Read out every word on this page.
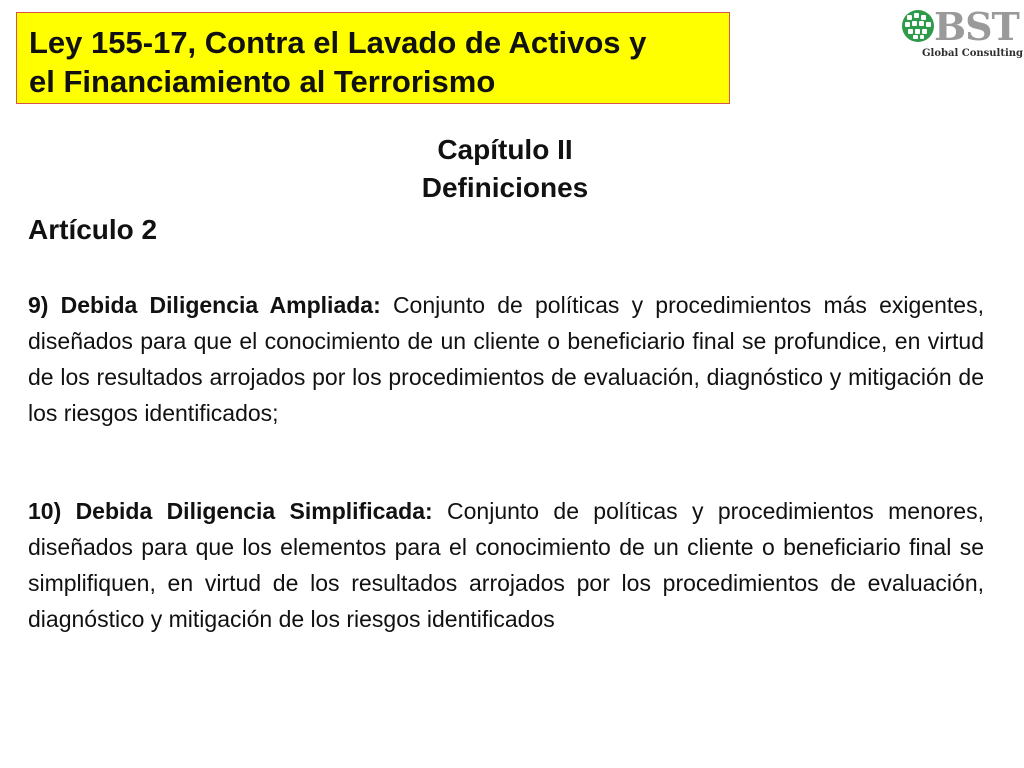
Ley 155-17, Contra el Lavado de Activos y
el Financiamiento al Terrorismo
BST
Global Consulting
Capítulo II
Definiciones
Artículo 2
9) Debida Diligencia Ampliada: Conjunto de políticas y procedimientos más exigentes, diseñados para que el conocimiento de un cliente o beneficiario final se profundice, en virtud de los resultados arrojados por los procedimientos de evaluación, diagnóstico y mitigación de los riesgos identificados;
10) Debida Diligencia Simplificada: Conjunto de políticas y procedimientos menores, diseñados para que los elementos para el conocimiento de un cliente o beneficiario final se simplifiquen, en virtud de los resultados arrojados por los procedimientos de evaluación, diagnóstico y mitigación de los riesgos identificados
